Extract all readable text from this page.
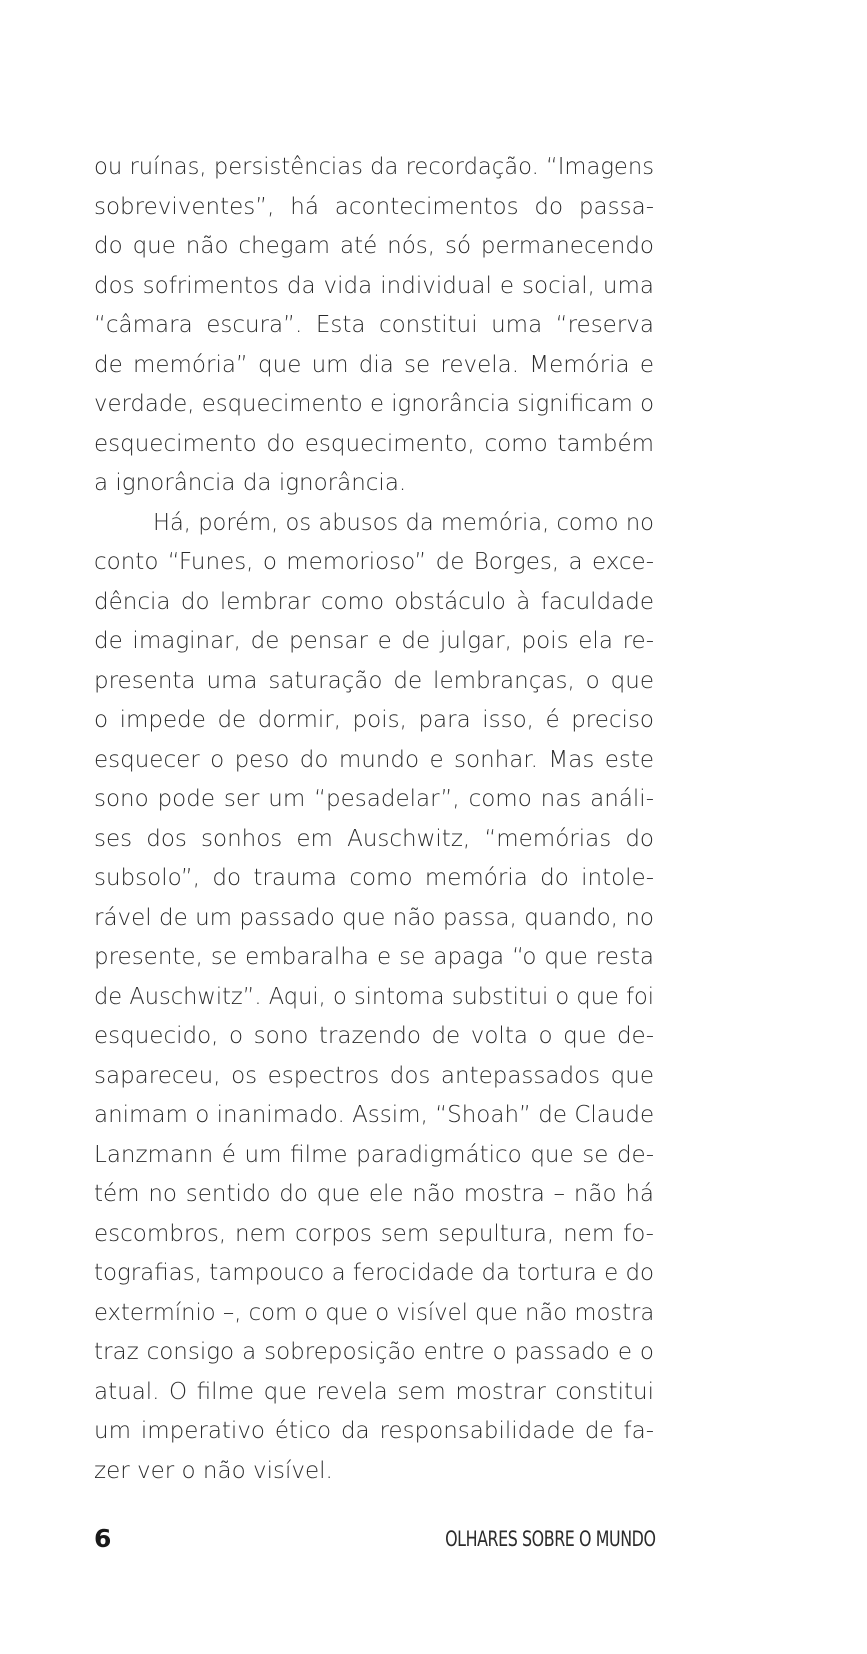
ou ruínas, persistências da recordação. “Imagens
sobreviventes”, há acontecimentos do passa-
do que não chegam até nós, só permanecendo
dos sofrimentos da vida individual e social, uma
“câmara escura”. Esta constitui uma “reserva
de memória” que um dia se revela. Memória e
verdade, esquecimento e ignorância significam o
esquecimento do esquecimento, como também
a ignorância da ignorância.
Há, porém, os abusos da memória, como no
conto “Funes, o memorioso” de Borges, a exce-
dência do lembrar como obstáculo à faculdade
de imaginar, de pensar e de julgar, pois ela re-
presenta uma saturação de lembranças, o que
o impede de dormir, pois, para isso, é preciso
esquecer o peso do mundo e sonhar. Mas este
sono pode ser um “pesadelar”, como nas análi-
ses dos sonhos em Auschwitz, “memórias do
subsolo”, do trauma como memória do intole-
rável de um passado que não passa, quando, no
presente, se embaralha e se apaga “o que resta
de Auschwitz”. Aqui, o sintoma substitui o que foi
esquecido, o sono trazendo de volta o que de-
sapareceu, os espectros dos antepassados que
animam o inanimado. Assim, “Shoah” de Claude
Lanzmann é um filme paradigmático que se de-
tém no sentido do que ele não mostra – não há
escombros, nem corpos sem sepultura, nem fo-
tografias, tampouco a ferocidade da tortura e do
extermínio –, com o que o visível que não mostra
traz consigo a sobreposição entre o passado e o
atual. O filme que revela sem mostrar constitui
um imperativo ético da responsabilidade de fa-
zer ver o não visível.
6	OLHARES SOBRE O MUNDO
